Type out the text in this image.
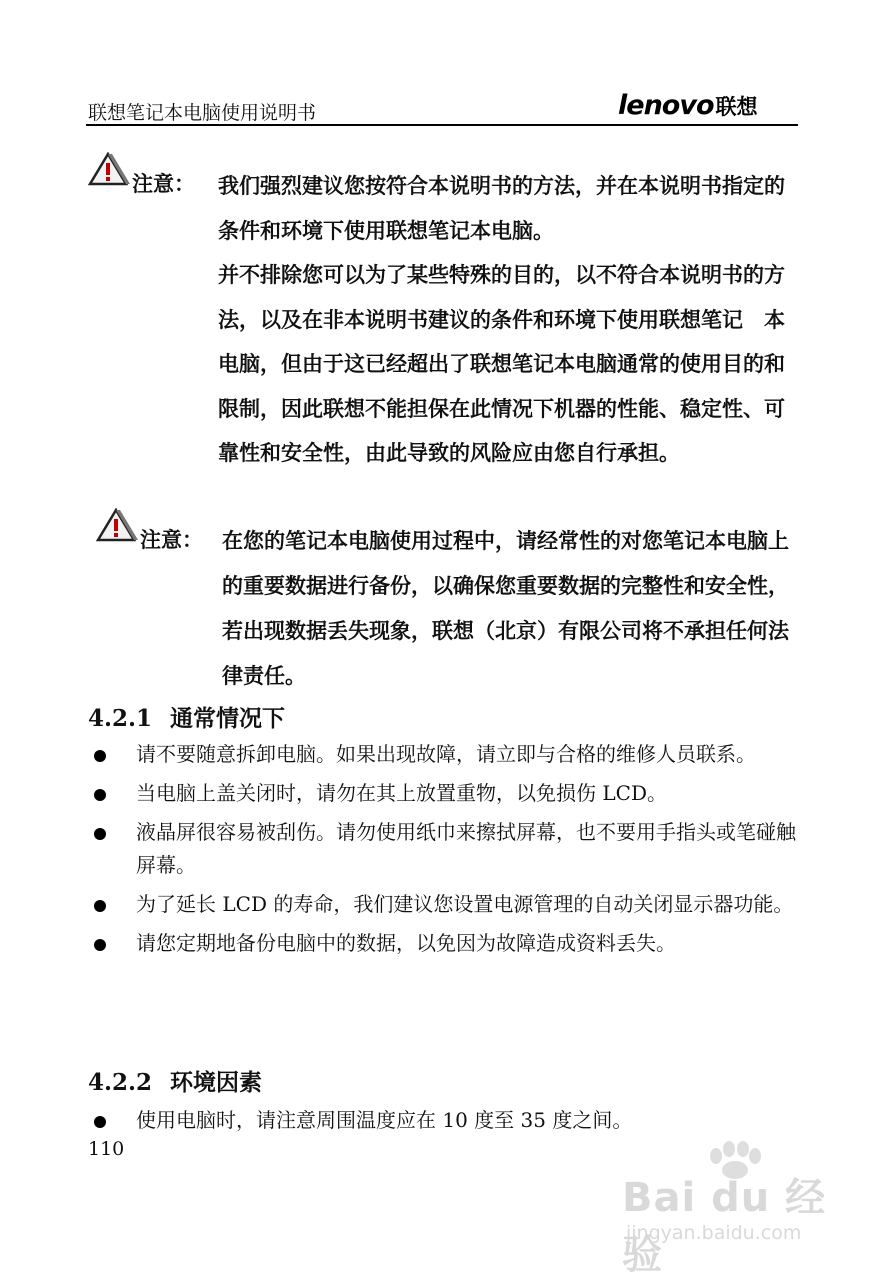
联想笔记本电脑使用说明书	lenovo 联想
注意： 我们强烈建议您按符合本说明书的方法，并在本说明书指定的条件和环境下使用联想笔记本电脑。

并不排除您可以为了某些特殊的目的，以不符合本说明书的方法，以及在非本说明书建议的条件和环境下使用联想笔记　本电脑，但由于这已经超出了联想笔记本电脑通常的使用目的和限制，因此联想不能担保在此情况下机器的性能、稳定性、可靠性和安全性，由此导致的风险应由您自行承担。

注意： 在您的笔记本电脑使用过程中，请经常性的对您笔记本电脑上的重要数据进行备份，以确保您重要数据的完整性和安全性，若出现数据丢失现象，联想（北京）有限公司将不承担任何法律责任。

4.2.1 通常情况下
请不要随意拆卸电脑。如果出现故障，请立即与合格的维修人员联系。
当电脑上盖关闭时，请勿在其上放置重物，以免损伤 LCD。
液晶屏很容易被刮伤。请勿使用纸巾来擦拭屏幕，也不要用手指头或笔碰触屏幕。
为了延长 LCD 的寿命，我们建议您设置电源管理的自动关闭显示器功能。
请您定期地备份电脑中的数据，以免因为故障造成资料丢失。
4.2.2 环境因素
使用电脑时，请注意周围温度应在 10 度至 35 度之间。
110
Bai du 经验
jingyan.baidu.com
